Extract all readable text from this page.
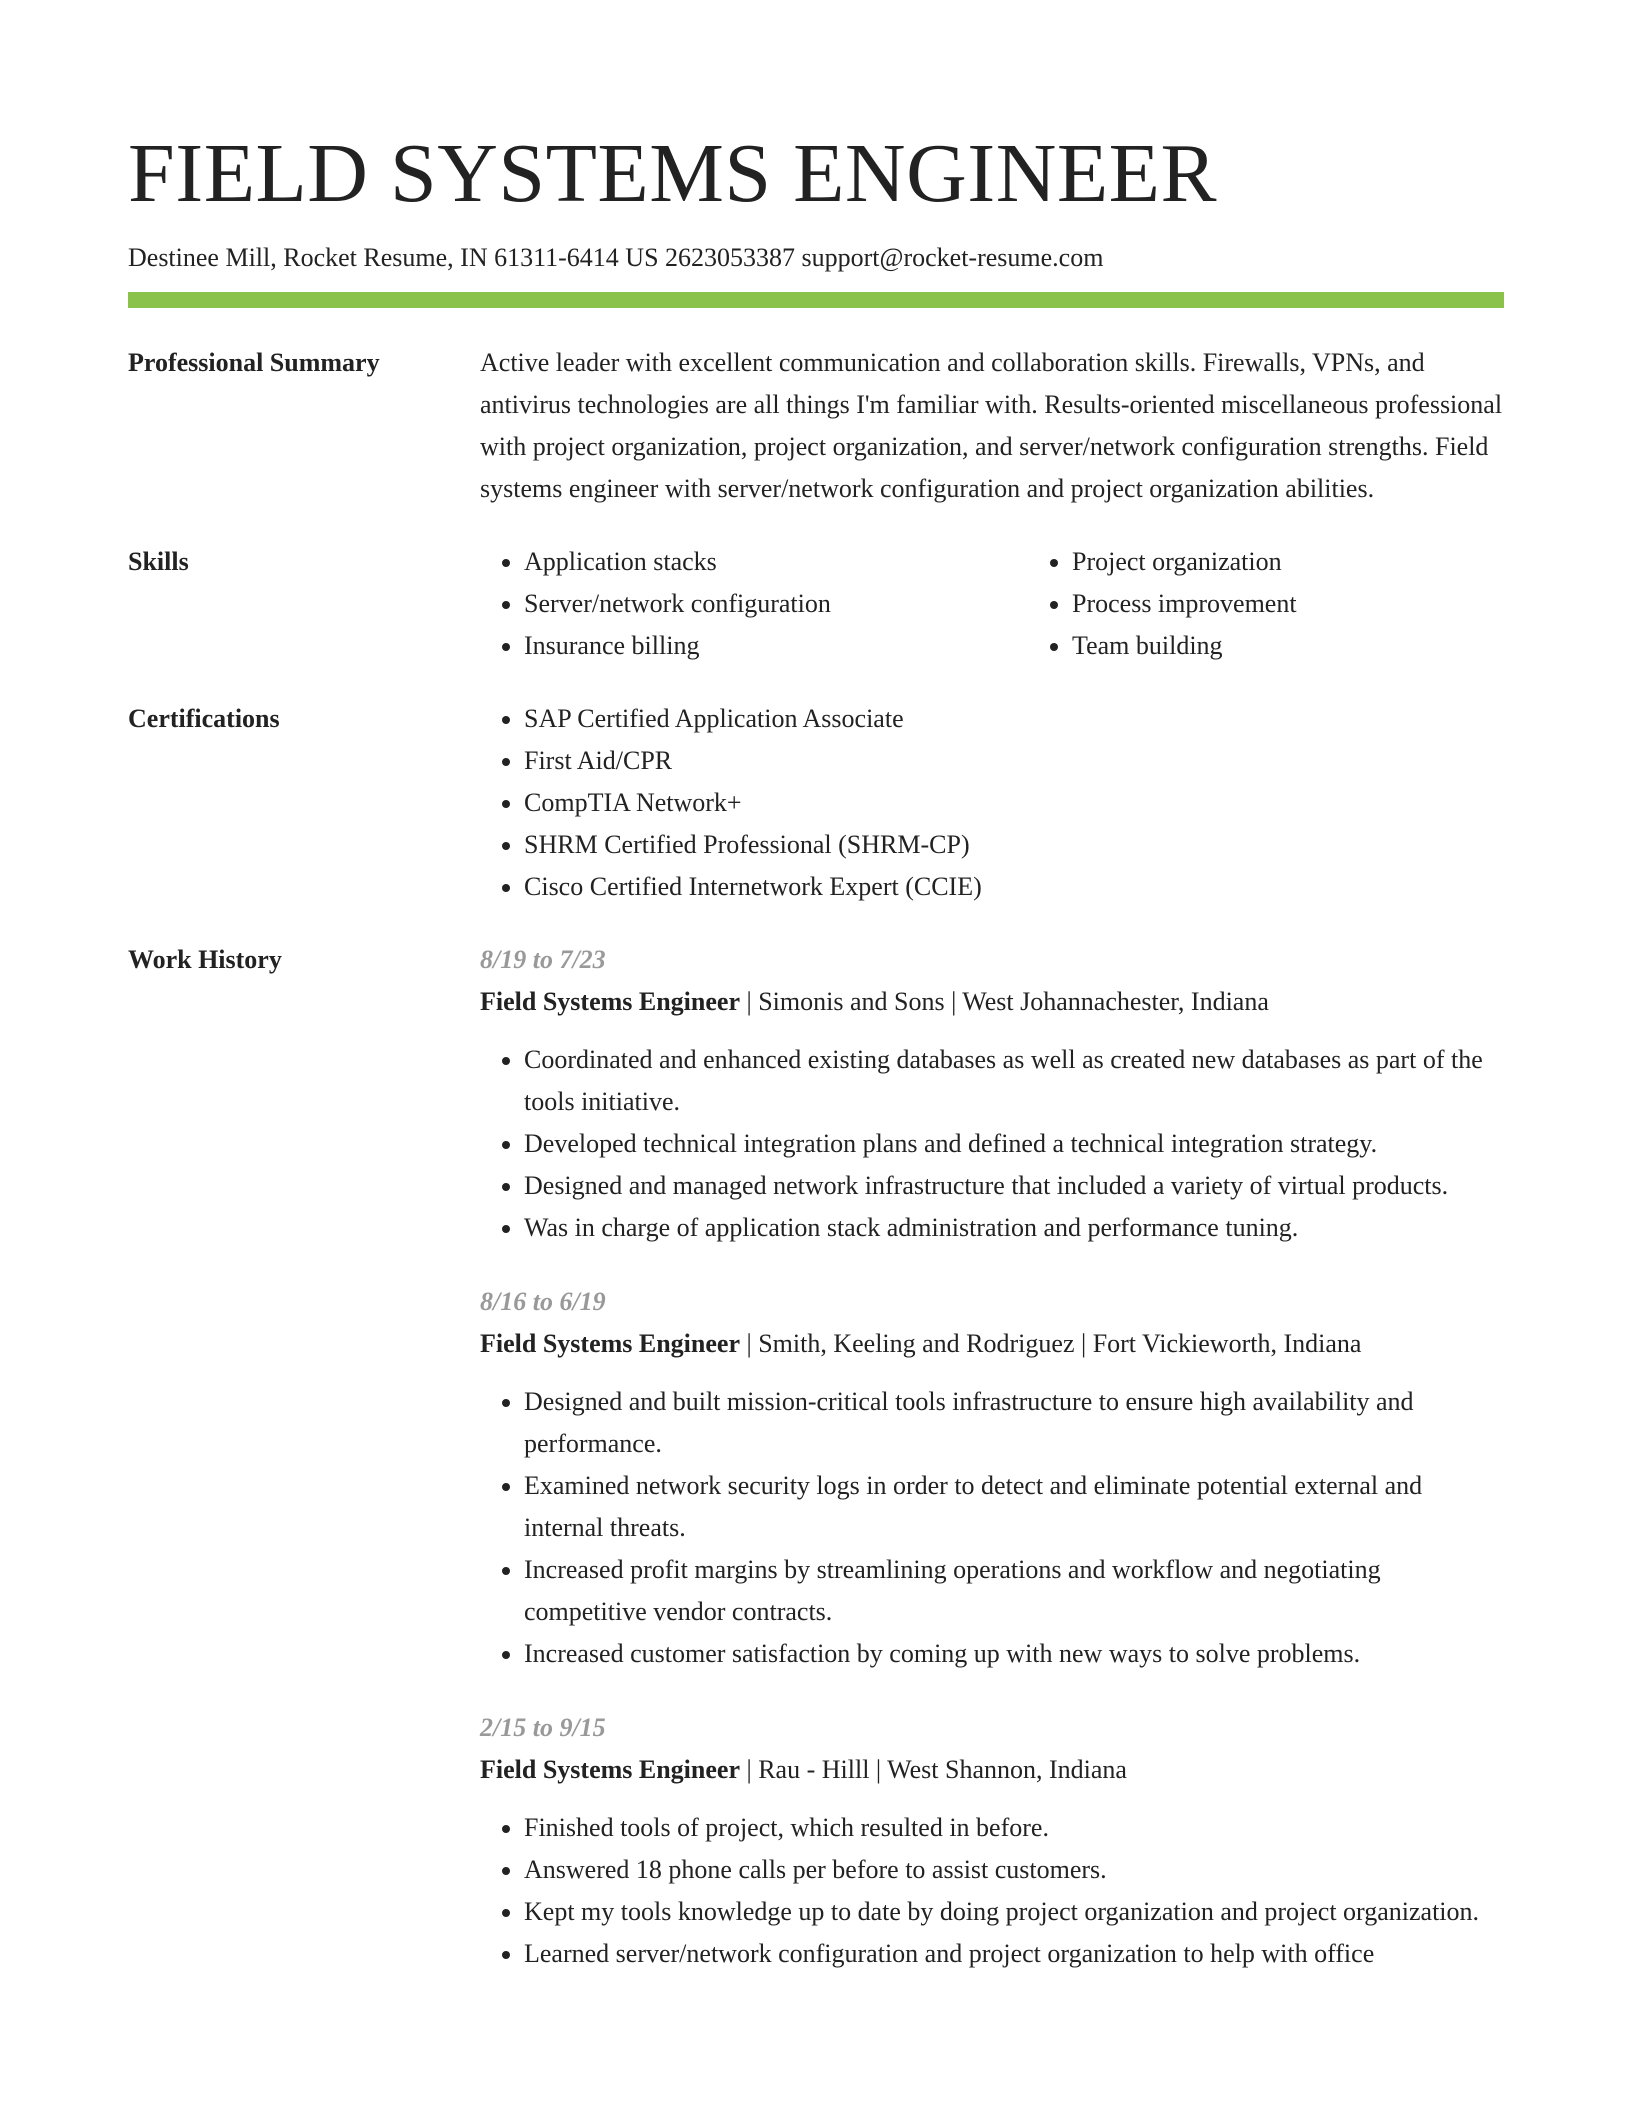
FIELD SYSTEMS ENGINEER
Destinee Mill, Rocket Resume, IN 61311-6414 US 2623053387 support@rocket-resume.com
Professional Summary	Active leader with excellent communication and collaboration skills. Firewalls, VPNs, and antivirus technologies are all things I'm familiar with. Results-oriented miscellaneous professional with project organization, project organization, and server/network configuration strengths. Field systems engineer with server/network configuration and project organization abilities.

Skills	• Application stacks
• Server/network configuration
• Insurance billing
• Project organization
• Process improvement
• Team building
Certifications	• SAP Certified Application Associate
• First Aid/CPR
• CompTIA Network+
• SHRM Certified Professional (SHRM-CP)
• Cisco Certified Internetwork Expert (CCIE)
Work History	8/19 to 7/23
Field Systems Engineer | Simonis and Sons | West Johannachester, Indiana
• Coordinated and enhanced existing databases as well as created new databases as part of the tools initiative.
• Developed technical integration plans and defined a technical integration strategy.
• Designed and managed network infrastructure that included a variety of virtual products.
• Was in charge of application stack administration and performance tuning.
8/16 to 6/19
Field Systems Engineer | Smith, Keeling and Rodriguez | Fort Vickieworth, Indiana
• Designed and built mission-critical tools infrastructure to ensure high availability and performance.
• Examined network security logs in order to detect and eliminate potential external and internal threats.
• Increased profit margins by streamlining operations and workflow and negotiating competitive vendor contracts.
• Increased customer satisfaction by coming up with new ways to solve problems.
2/15 to 9/15
Field Systems Engineer | Rau - Hilll | West Shannon, Indiana
• Finished tools of project, which resulted in before.
• Answered 18 phone calls per before to assist customers.
• Kept my tools knowledge up to date by doing project organization and project organization.
• Learned server/network configuration and project organization to help with office
